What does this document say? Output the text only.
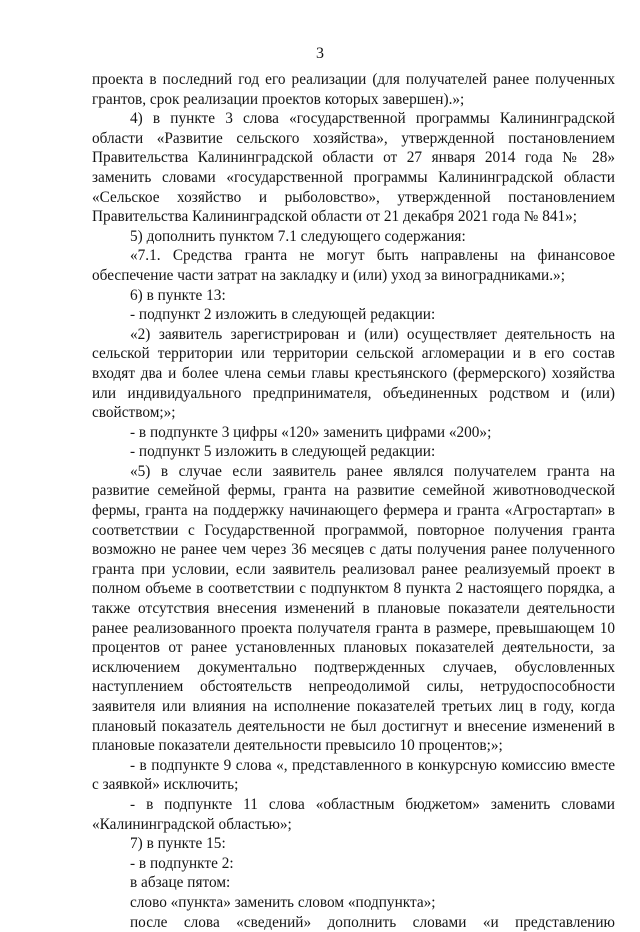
3

проекта в последний год его реализации (для получателей ранее полученных грантов, срок реализации проектов которых завершен).»;

4) в пункте 3 слова «государственной программы Калининградской области «Развитие сельского хозяйства», утвержденной постановлением Правительства Калининградской области от 27 января 2014 года № 28» заменить словами «государственной программы Калининградской области «Сельское хозяйство и рыболовство», утвержденной постановлением Правительства Калининградской области от 21 декабря 2021 года № 841»;

5) дополнить пунктом 7.1 следующего содержания:

«7.1. Средства гранта не могут быть направлены на финансовое обеспечение части затрат на закладку и (или) уход за виноградниками.»;

6) в пункте 13:

- подпункт 2 изложить в следующей редакции:

«2) заявитель зарегистрирован и (или) осуществляет деятельность на сельской территории или территории сельской агломерации и в его состав входят два и более члена семьи главы крестьянского (фермерского) хозяйства или индивидуального предпринимателя, объединенных родством и (или) свойством;»;

- в подпункте 3 цифры «120» заменить цифрами «200»;

- подпункт 5 изложить в следующей редакции:

«5) в случае если заявитель ранее являлся получателем гранта на развитие семейной фермы, гранта на развитие семейной животноводческой фермы, гранта на поддержку начинающего фермера и гранта «Агростартап» в соответствии с Государственной программой, повторное получения гранта возможно не ранее чем через 36 месяцев с даты получения ранее полученного гранта при условии, если заявитель реализовал ранее реализуемый проект в полном объеме в соответствии с подпунктом 8 пункта 2 настоящего порядка, а также отсутствия внесения изменений в плановые показатели деятельности ранее реализованного проекта получателя гранта в размере, превышающем 10 процентов от ранее установленных плановых показателей деятельности, за исключением документально подтвержденных случаев, обусловленных наступлением обстоятельств непреодолимой силы, нетрудоспособности заявителя или влияния на исполнение показателей третьих лиц в году, когда плановый показатель деятельности не был достигнут и внесение изменений в плановые показатели деятельности превысило 10 процентов;»;

- в подпункте 9 слова «, представленного в конкурсную комиссию вместе с заявкой» исключить;

- в подпункте 11 слова «областным бюджетом» заменить словами «Калининградской областью»;

7) в пункте 15:

- в подпункте 2:

в абзаце пятом:

слово «пункта» заменить словом «подпункта»;

после слова «сведений» дополнить словами «и представлению
